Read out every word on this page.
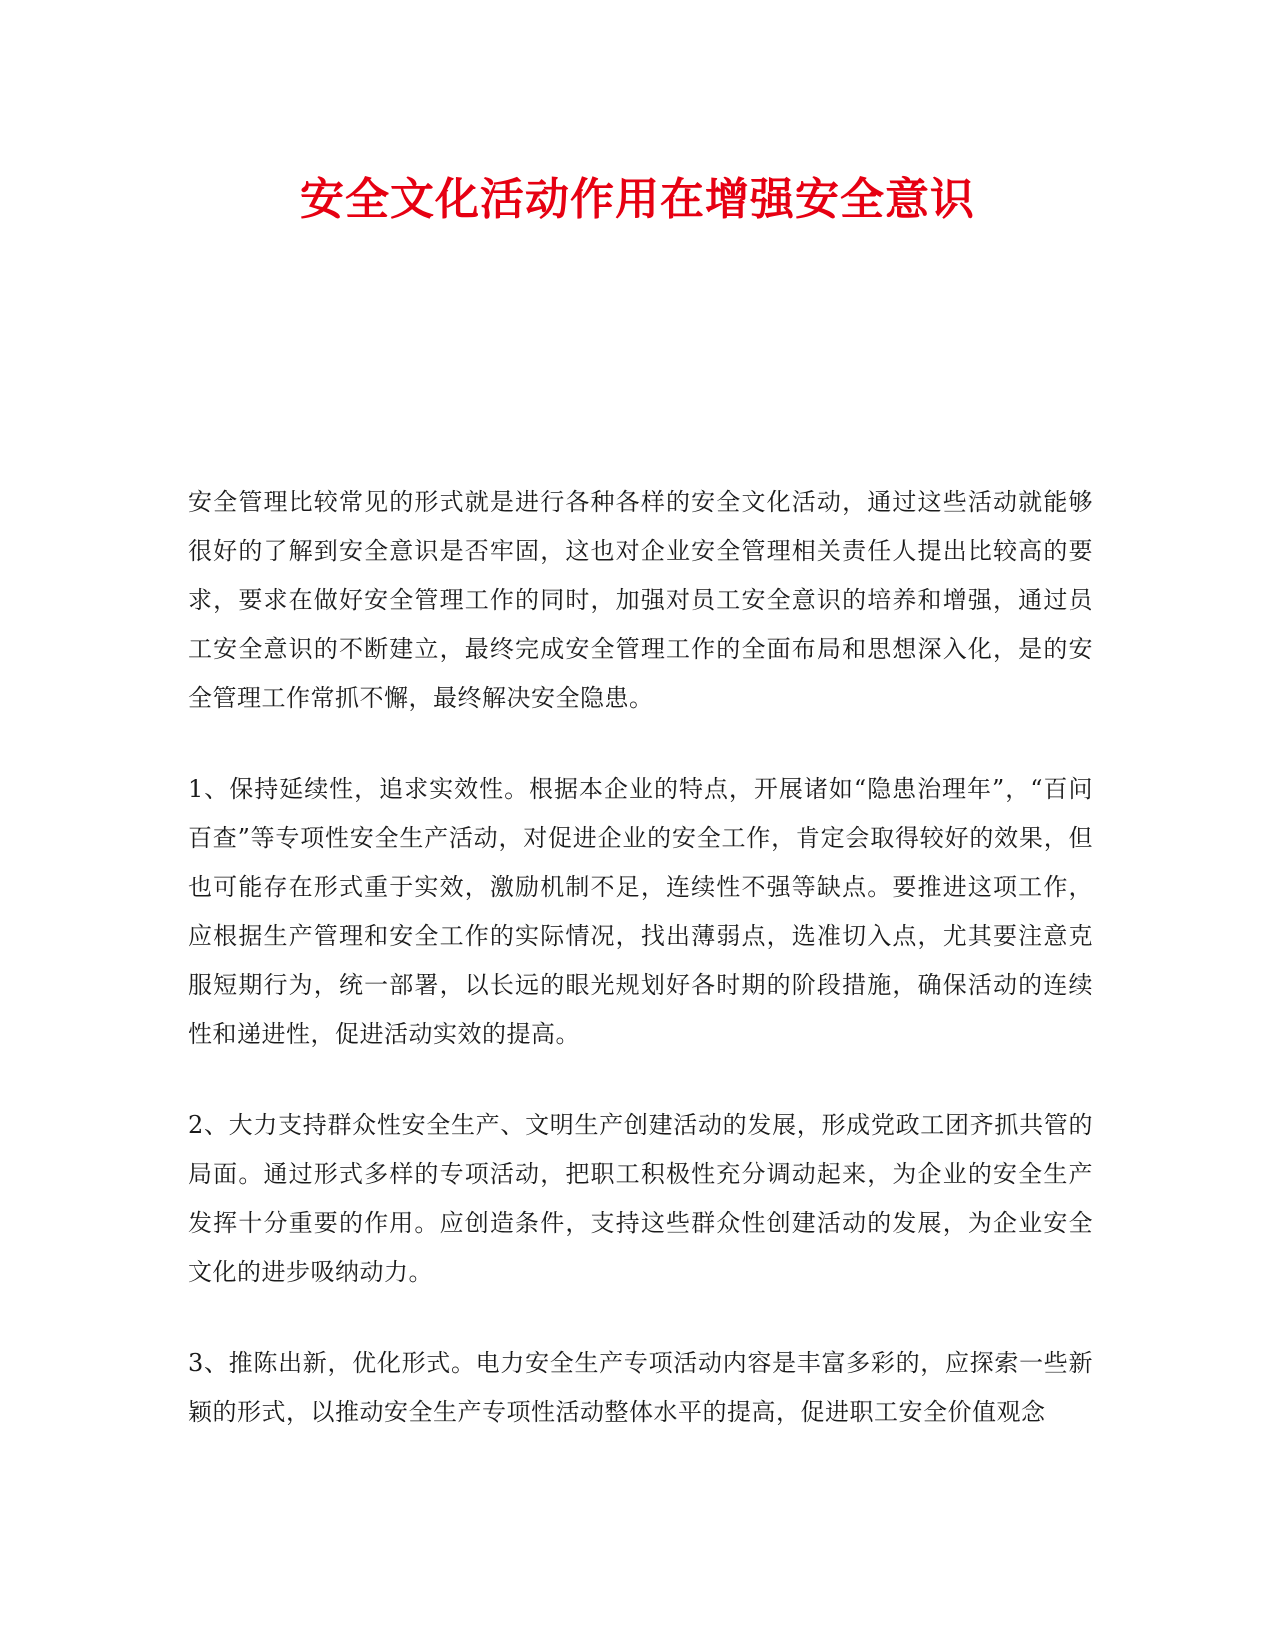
安全文化活动作用在增强安全意识

安全管理比较常见的形式就是进行各种各样的安全文化活动，通过这些活动就能够很好的了解到安全意识是否牢固，这也对企业安全管理相关责任人提出比较高的要求，要求在做好安全管理工作的同时，加强对员工安全意识的培养和增强，通过员工安全意识的不断建立，最终完成安全管理工作的全面布局和思想深入化，是的安全管理工作常抓不懈，最终解决安全隐患。

1、保持延续性，追求实效性。根据本企业的特点，开展诸如“隐患治理年”，“百问百查”等专项性安全生产活动，对促进企业的安全工作，肯定会取得较好的效果，但也可能存在形式重于实效，激励机制不足，连续性不强等缺点。要推进这项工作，应根据生产管理和安全工作的实际情况，找出薄弱点，选准切入点，尤其要注意克服短期行为，统一部署，以长远的眼光规划好各时期的阶段措施，确保活动的连续性和递进性，促进活动实效的提高。

2、大力支持群众性安全生产、文明生产创建活动的发展，形成党政工团齐抓共管的局面。通过形式多样的专项活动，把职工积极性充分调动起来，为企业的安全生产发挥十分重要的作用。应创造条件，支持这些群众性创建活动的发展，为企业安全文化的进步吸纳动力。

3、推陈出新，优化形式。电力安全生产专项活动内容是丰富多彩的，应探索一些新颖的形式，以推动安全生产专项性活动整体水平的提高，促进职工安全价值观念
